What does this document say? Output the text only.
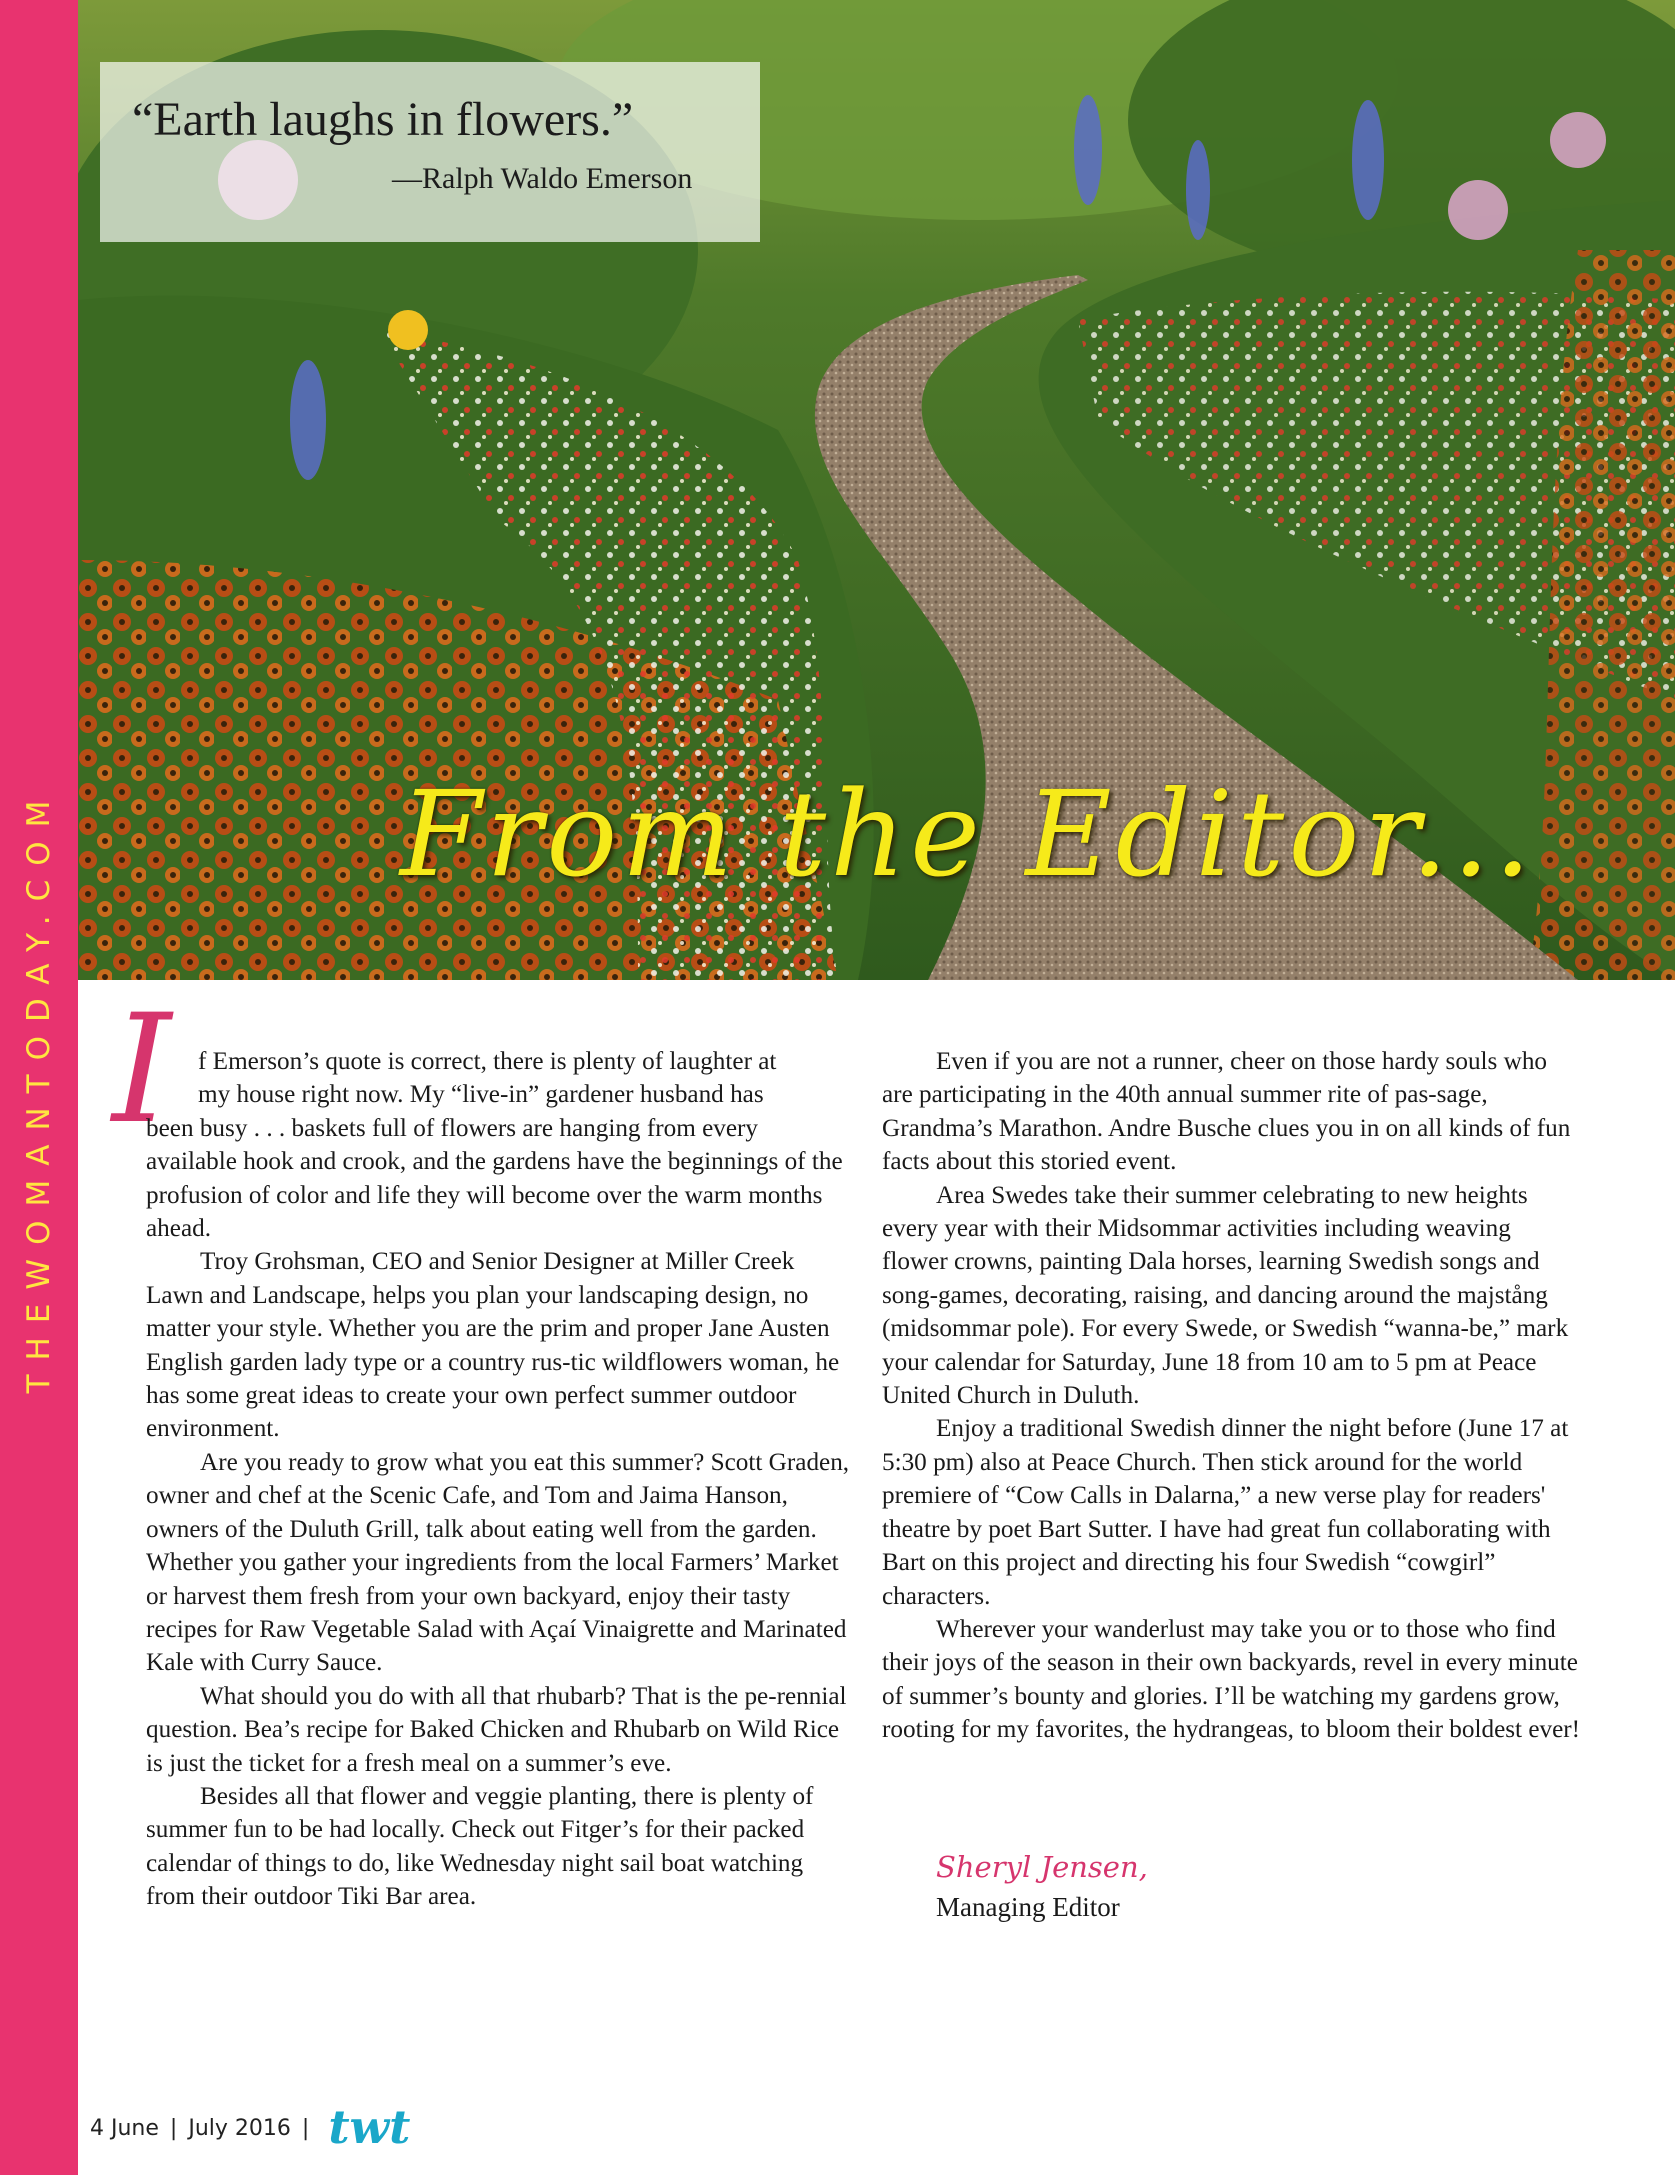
THEWOMANTODAY.COM
“Earth laughs in flowers.”
—Ralph Waldo Emerson
From the Editor...
I	f Emerson’s quote is correct, there is plenty of laughter at
my house right now. My “live-in” gardener husband has
been busy . . . baskets full of flowers are hanging from every available hook and crook, and the gardens have the beginnings of the profusion of color and life they will become over the warm months ahead.

Troy Grohsman, CEO and Senior Designer at Miller Creek Lawn and Landscape, helps you plan your landscaping design, no matter your style. Whether you are the prim and proper Jane Austen English garden lady type or a country rus-tic wildflowers woman, he has some great ideas to create your own perfect summer outdoor environment.

Are you ready to grow what you eat this summer? Scott Graden, owner and chef at the Scenic Cafe, and Tom and Jaima Hanson, owners of the Duluth Grill, talk about eating well from the garden. Whether you gather your ingredients from the local Farmers’ Market or harvest them fresh from your own backyard, enjoy their tasty recipes for Raw Vegetable Salad with Açaí Vinaigrette and Marinated Kale with Curry Sauce.

What should you do with all that rhubarb? That is the pe-rennial question. Bea’s recipe for Baked Chicken and Rhubarb on Wild Rice is just the ticket for a fresh meal on a summer’s eve.

Besides all that flower and veggie planting, there is plenty of summer fun to be had locally. Check out Fitger’s for their packed calendar of things to do, like Wednesday night sail boat watching from their outdoor Tiki Bar area.

Even if you are not a runner, cheer on those hardy souls who are participating in the 40th annual summer rite of pas-sage, Grandma’s Marathon. Andre Busche clues you in on all kinds of fun facts about this storied event.

Area Swedes take their summer celebrating to new heights every year with their Midsommar activities including weaving flower crowns, painting Dala horses, learning Swedish songs and song-games, decorating, raising, and dancing around the majstång (midsommar pole). For every Swede, or Swedish “wanna-be,” mark your calendar for Saturday, June 18 from 10 am to 5 pm at Peace United Church in Duluth.

Enjoy a traditional Swedish dinner the night before (June 17 at 5:30 pm) also at Peace Church. Then stick around for the world premiere of “Cow Calls in Dalarna,” a new verse play for readers' theatre by poet Bart Sutter. I have had great fun collaborating with Bart on this project and directing his four Swedish “cowgirl” characters.

Wherever your wanderlust may take you or to those who find their joys of the season in their own backyards, revel in every minute of summer’s bounty and glories. I’ll be watching my gardens grow, rooting for my favorites, the hydrangeas, to bloom their boldest ever!

Sheryl Jensen,
Managing Editor
4 June | July 2016 | twt
